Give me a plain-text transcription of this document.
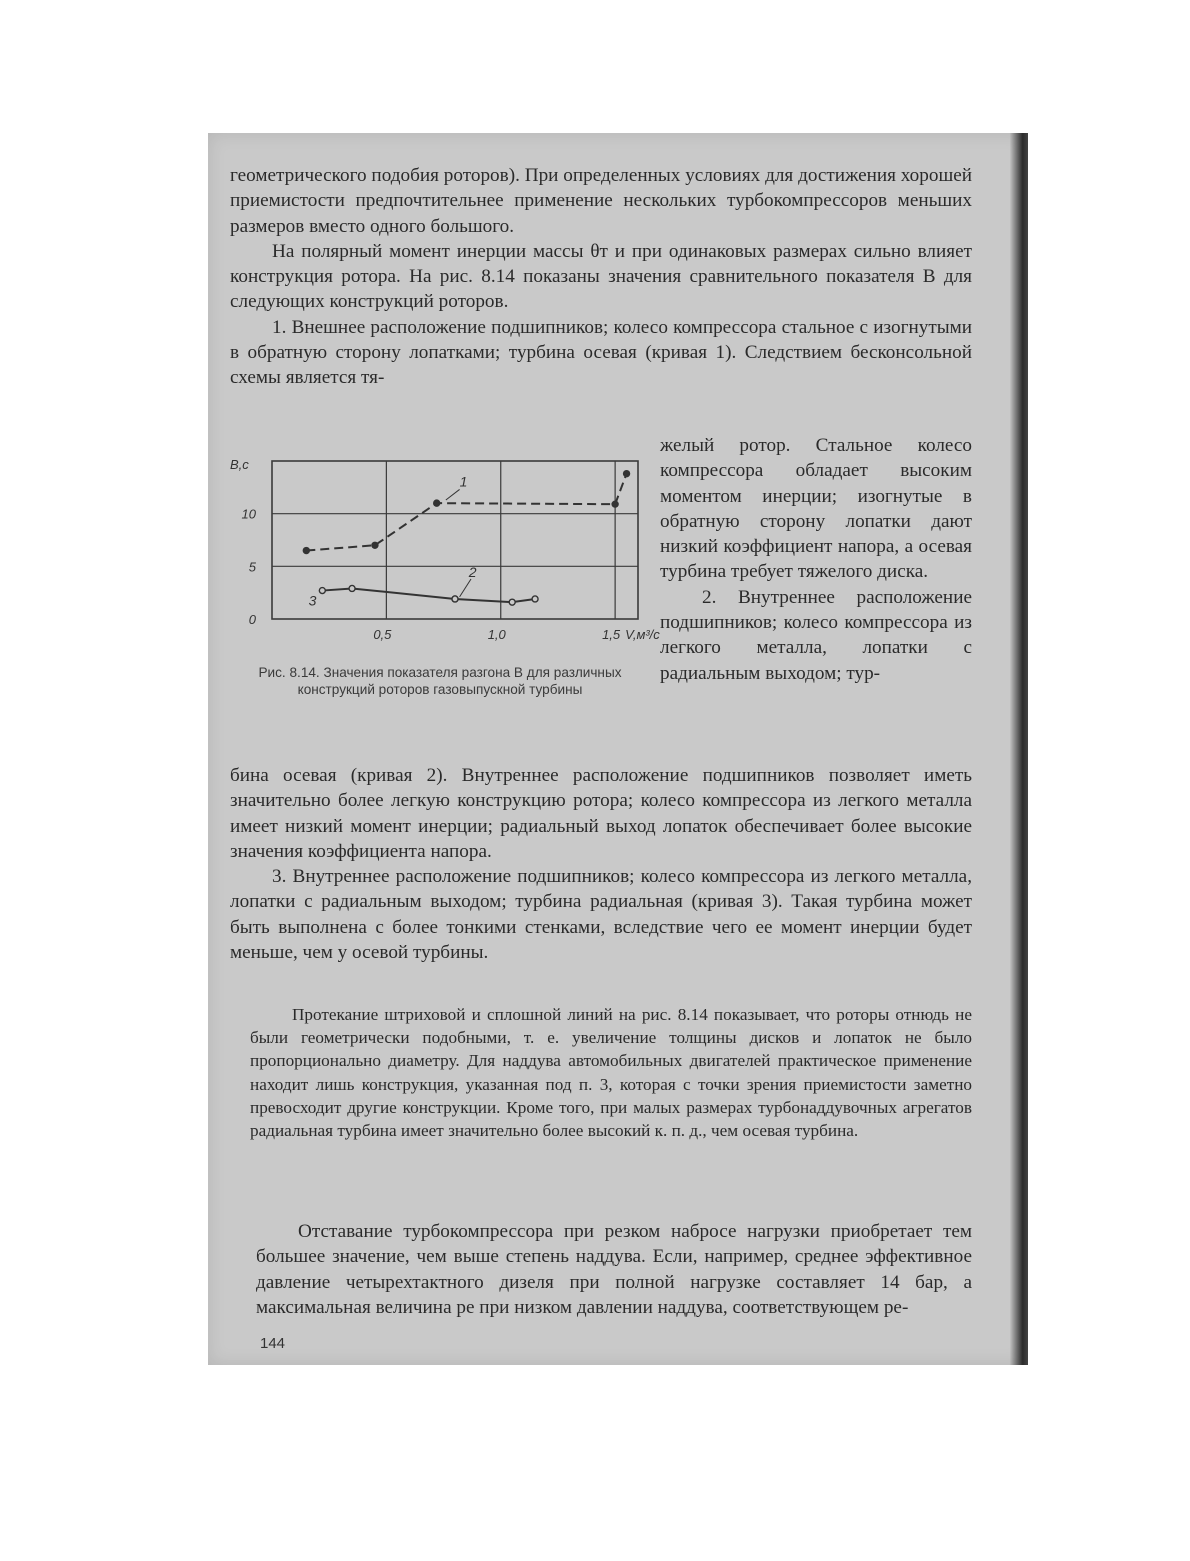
геометрического подобия роторов). При определенных условиях для достижения хорошей приемистости предпочтительнее применение нескольких турбокомпрессоров меньших размеров вместо одного большого.

На полярный момент инерции массы θт и при одинаковых размерах сильно влияет конструкция ротора. На рис. 8.14 показаны значения сравнительного показателя B для следующих конструкций роторов.

1. Внешнее расположение подшипников; колесо компрессора стальное с изогнутыми в обратную сторону лопатками; турбина осевая (кривая 1). Следствием бесконсольной схемы является тя-

0
5
10
0,5	1,0	1,5
B,c
V,м³/с
1
2
3
Рис. 8.14. Значения показателя разгона B для различных конструкций роторов газовыпускной турбины

желый ротор. Стальное колесо компрессора обладает высоким моментом инерции; изогнутые в обратную сторону лопатки дают низкий коэффициент напора, а осевая турбина требует тяжелого диска.

2. Внутреннее расположение подшипников; колесо компрессора из легкого металла, лопатки с радиальным выходом; тур-

бина осевая (кривая 2). Внутреннее расположение подшипников позволяет иметь значительно более легкую конструкцию ротора; колесо компрессора из легкого металла имеет низкий момент инерции; радиальный выход лопаток обеспечивает более высокие значения коэффициента напора.

3. Внутреннее расположение подшипников; колесо компрессора из легкого металла, лопатки с радиальным выходом; турбина радиальная (кривая 3). Такая турбина может быть выполнена с более тонкими стенками, вследствие чего ее момент инерции будет меньше, чем у осевой турбины.

Протекание штриховой и сплошной линий на рис. 8.14 показывает, что роторы отнюдь не были геометрически подобными, т. е. увеличение толщины дисков и лопаток не было пропорционально диаметру. Для наддува автомобильных двигателей практическое применение находит лишь конструкция, указанная под п. 3, которая с точки зрения приемистости заметно превосходит другие конструкции. Кроме того, при малых размерах турбонаддувочных агрегатов радиальная турбина имеет значительно более высокий к. п. д., чем осевая турбина.

Отставание турбокомпрессора при резком набросе нагрузки приобретает тем большее значение, чем выше степень наддува. Если, например, среднее эффективное давление четырехтактного дизеля при полной нагрузке составляет 14 бар, а максимальная величина pe при низком давлении наддува, соответствующем ре-

144
